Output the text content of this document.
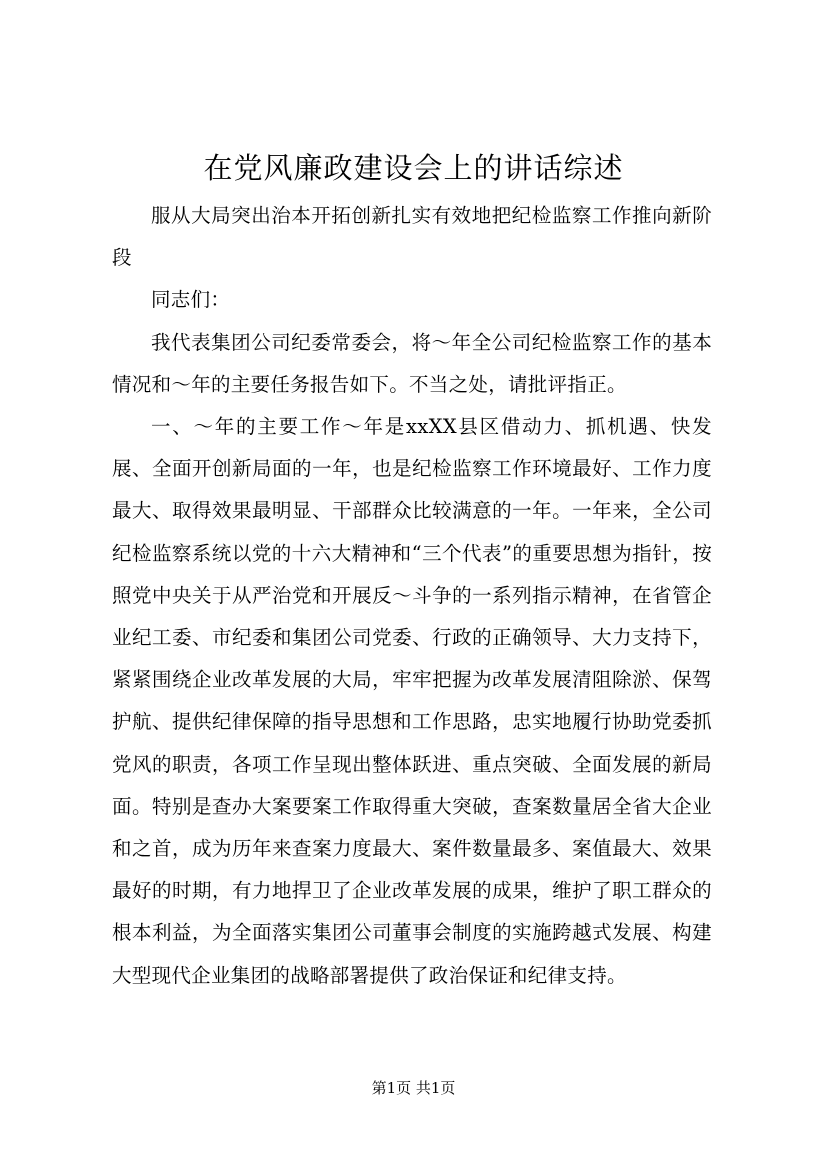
在党风廉政建设会上的讲话综述

服从大局突出治本开拓创新扎实有效地把纪检监察工作推向新阶段

同志们：

我代表集团公司纪委常委会，将～年全公司纪检监察工作的基本情况和～年的主要任务报告如下。不当之处，请批评指正。

一、～年的主要工作～年是xxXX县区借动力、抓机遇、快发展、全面开创新局面的一年，也是纪检监察工作环境最好、工作力度最大、取得效果最明显、干部群众比较满意的一年。一年来，全公司纪检监察系统以党的十六大精神和“三个代表”的重要思想为指针，按照党中央关于从严治党和开展反～斗争的一系列指示精神，在省管企业纪工委、市纪委和集团公司党委、行政的正确领导、大力支持下，紧紧围绕企业改革发展的大局，牢牢把握为改革发展清阻除淤、保驾护航、提供纪律保障的指导思想和工作思路，忠实地履行协助党委抓党风的职责，各项工作呈现出整体跃进、重点突破、全面发展的新局面。特别是查办大案要案工作取得重大突破，查案数量居全省大企业和之首，成为历年来查案力度最大、案件数量最多、案值最大、效果最好的时期，有力地捍卫了企业改革发展的成果，维护了职工群众的根本利益，为全面落实集团公司董事会制度的实施跨越式发展、构建大型现代企业集团的战略部署提供了政治保证和纪律支持。

第1页 共1页
